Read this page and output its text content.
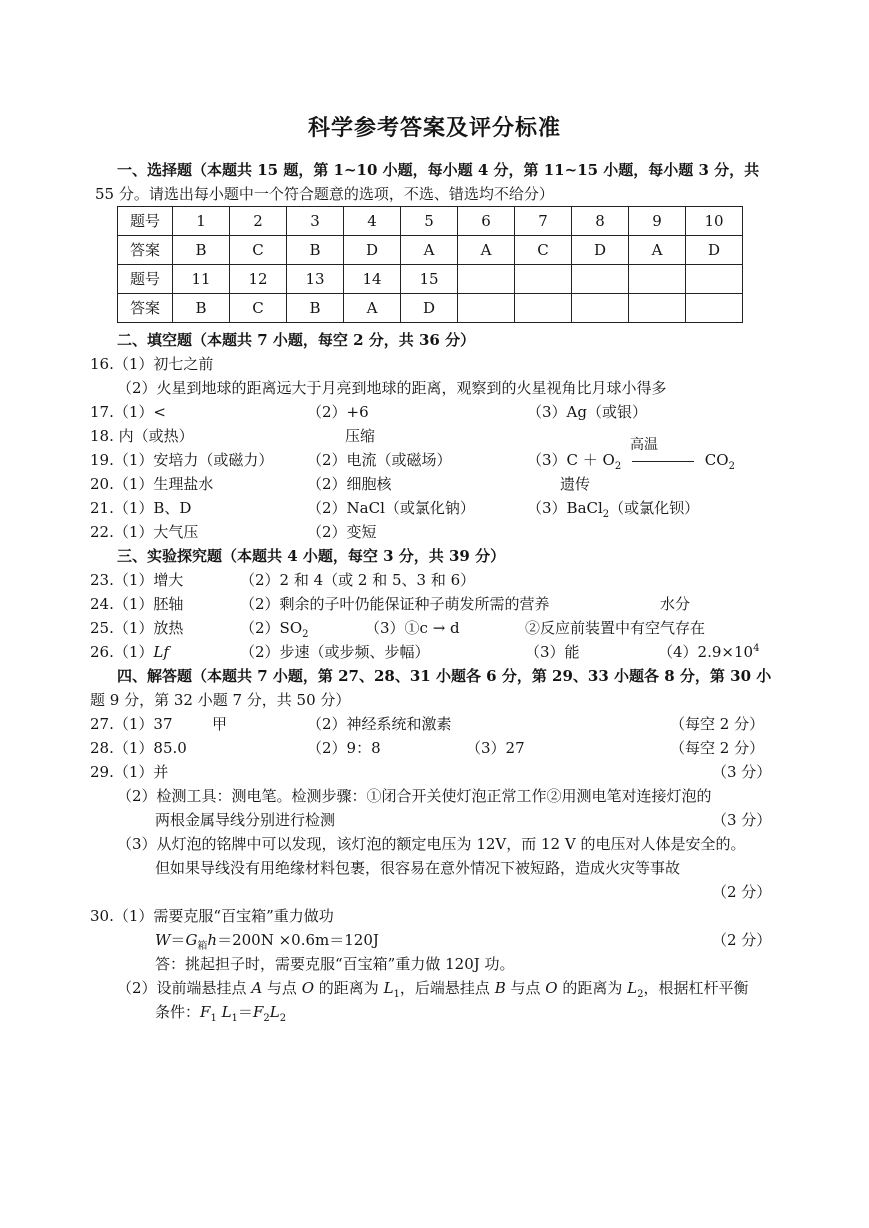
科学参考答案及评分标准
一、选择题（本题共 15 题，第 1~10 小题，每小题 4 分，第 11~15 小题，每小题 3 分，共
55 分。请选出每小题中一个符合题意的选项，不选、错选均不给分）
题号	1	2	3	4	5	6	7	8	9	10
答案	B	C	B	D	A	A	C	D	A	D
题号	11	12	13	14	15					
答案	B	C	B	A	D					
二、填空题（本题共 7 小题，每空 2 分，共 36 分）
16.（1）初七之前
（2）火星到地球的距离远大于月亮到地球的距离，观察到的火星视角比月球小得多
17.（1）<	（2）+6	（3）Ag（或银）
18. 内（或热）	压缩
19.（1）安培力（或磁力） （2）电流（或磁场）	$(3)C + O_2$
高温
$CO_2$
20.（1）生理盐水	（2）细胞核	遗传
21.（1）B、D	（2）NaCl（或氯化钠）	（3）BaCl$_2$（或氯化钡）
22.（1）大气压	（2）变短
三、实验探究题（本题共 4 小题，每空 3 分，共 39 分）
23.（1）增大	（2）2 和 4（或 2 和 5、3 和 6）
24.（1）胚轴	（2）剩余的子叶仍能保证种子萌发所需的营养	水分
25.（1）放热	$(2)SO_2$	（3）①c → d	②反应前装置中有空气存在
26.（1）Lf	（2）步速（或步频、步幅）	（3）能	$(4)2.9\times 10^4$
四、解答题（本题共 7 小题，第 27、28、31 小题各 6 分，第 29、33 小题各 8 分，第 30 小
题 9 分，第 32 小题 7 分，共 50 分）
27.（1）37	甲	（2）神经系统和激素	（每空 2 分）
28.（1）85.0	（2）9：8	（3）27	（每空 2 分）
29.（1）并	（3 分）
（2）检测工具：测电笔。检测步骤：①闭合开关使灯泡正常工作②用测电笔对连接灯泡的
两根金属导线分别进行检测	（3 分）
（3）从灯泡的铭牌中可以发现，该灯泡的额定电压为 12V，而 12 V 的电压对人体是安全的。
但如果导线没有用绝缘材料包裹，很容易在意外情况下被短路，造成火灾等事故
（2 分）
30.（1）需要克服“百宝箱”重力做功
$W=G_箱h=200N \times 0.6m=120J$	（2 分）
答：挑起担子时，需要克服“百宝箱”重力做 120J 功。
（2）设前端悬挂点 A 与点 O 的距离为 $L_1$，后端悬挂点 B 与点 O 的距离为 $L_2$，根据杠杆平衡
条件：$F_1$ $L_1=F_2L_2$
